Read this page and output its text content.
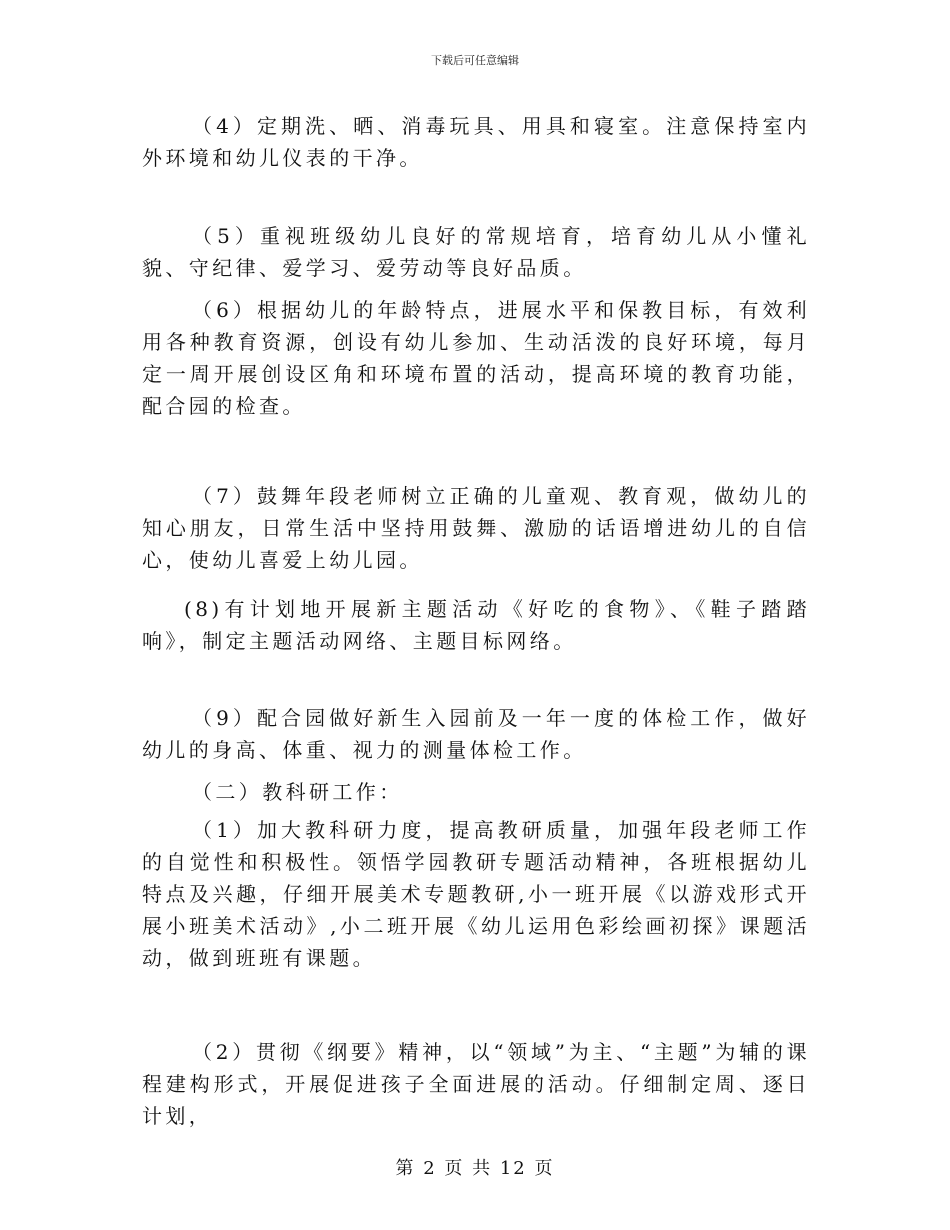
下载后可任意编辑
（4）定期洗、晒、消毒玩具、用具和寝室。注意保持室内外环境和幼儿仪表的干净。
（5）重视班级幼儿良好的常规培育，培育幼儿从小懂礼貌、守纪律、爱学习、爱劳动等良好品质。
（6）根据幼儿的年龄特点，进展水平和保教目标，有效利用各种教育资源，创设有幼儿参加、生动活泼的良好环境，每月定一周开展创设区角和环境布置的活动，提高环境的教育功能，配合园的检查。
（7）鼓舞年段老师树立正确的儿童观、教育观，做幼儿的知心朋友，日常生活中坚持用鼓舞、激励的话语增进幼儿的自信心，使幼儿喜爱上幼儿园。
(8)有计划地开展新主题活动《好吃的食物》、《鞋子踏踏响》，制定主题活动网络、主题目标网络。
（9）配合园做好新生入园前及一年一度的体检工作，做好幼儿的身高、体重、视力的测量体检工作。
（二）教科研工作：
（1）加大教科研力度，提高教研质量，加强年段老师工作的自觉性和积极性。领悟学园教研专题活动精神，各班根据幼儿特点及兴趣，仔细开展美术专题教研,小一班开展《以游戏形式开展小班美术活动》,小二班开展《幼儿运用色彩绘画初探》课题活动，做到班班有课题。
（2）贯彻《纲要》精神，以“领域”为主、“主题”为辅的课程建构形式，开展促进孩子全面进展的活动。仔细制定周、逐日计划，
第 2 页 共 12 页
